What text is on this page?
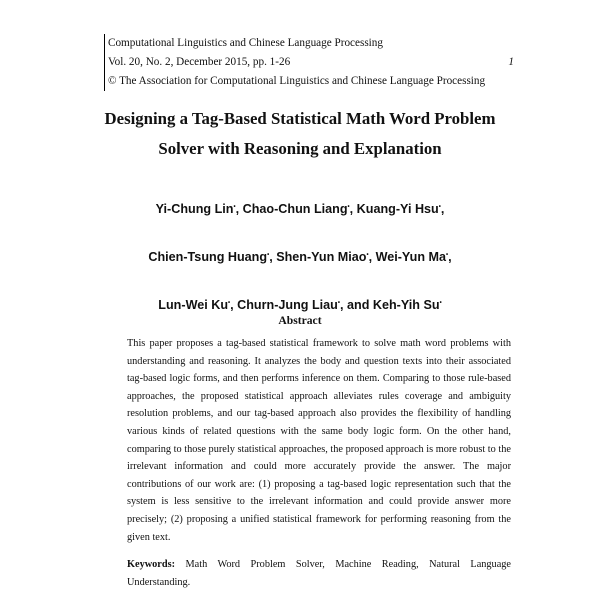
Computational Linguistics and Chinese Language Processing
Vol. 20, No. 2, December 2015, pp. 1-26	1
© The Association for Computational Linguistics and Chinese Language Processing
Designing a Tag-Based Statistical Math Word Problem
Solver with Reasoning and Explanation
Yi-Chung Lin•, Chao-Chun Liang•, Kuang-Yi Hsu•,
Chien-Tsung Huang•, Shen-Yun Miao•, Wei-Yun Ma•,
Lun-Wei Ku•, Churn-Jung Liau•, and Keh-Yih Su•
Abstract

This paper proposes a tag-based statistical framework to solve math word problems with understanding and reasoning. It analyzes the body and question texts into their associated tag-based logic forms, and then performs inference on them. Comparing to those rule-based approaches, the proposed statistical approach alleviates rules coverage and ambiguity resolution problems, and our tag-based approach also provides the flexibility of handling various kinds of related questions with the same body logic form. On the other hand, comparing to those purely statistical approaches, the proposed approach is more robust to the irrelevant information and could more accurately provide the answer. The major contributions of our work are: (1) proposing a tag-based logic representation such that the system is less sensitive to the irrelevant information and could provide answer more precisely; (2) proposing a unified statistical framework for performing reasoning from the given text.

Keywords: Math Word Problem Solver, Machine Reading, Natural Language Understanding.
